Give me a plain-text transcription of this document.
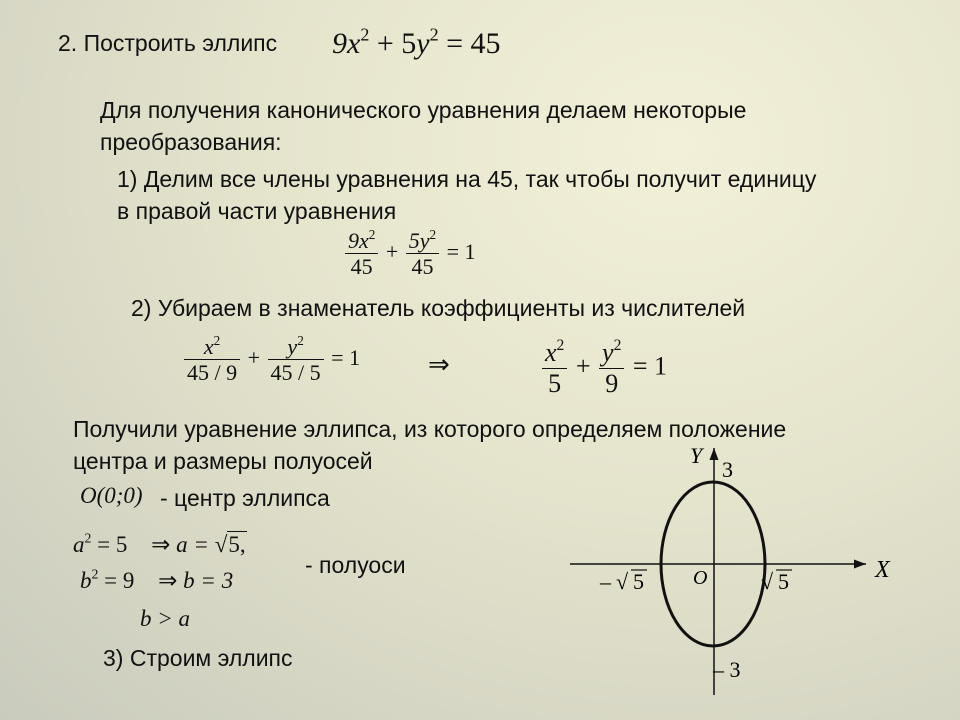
2. Построить эллипс $9x^2 + 5y^2 = 45$
Для получения канонического уравнения делаем некоторые
преобразования:
1) Делим все члены уравнения на 45, так чтобы получит единицу
в правой части уравнения
$\frac{9x^2}{45} + \frac{5y^2}{45} = 1$
2) Убираем в знаменатель коэффициенты из числителей
$\frac{x^2}{45 / 9} + \frac{y^2}{45 / 5} = 1$	⇒	$\frac{x^2}{5} + \frac{y^2}{9} = 1$
Получили уравнение эллипса, из которого определяем положение
центра и размеры полуосей
O(0;0) - центр эллипса
$a^2 = 5$ ⇒ a = √5,
$b^2 = 9$ ⇒ b = 3
b > a
- полуоси
3) Строим эллипс
Y
X
O
3
– 3
– √ 5	√ 5
